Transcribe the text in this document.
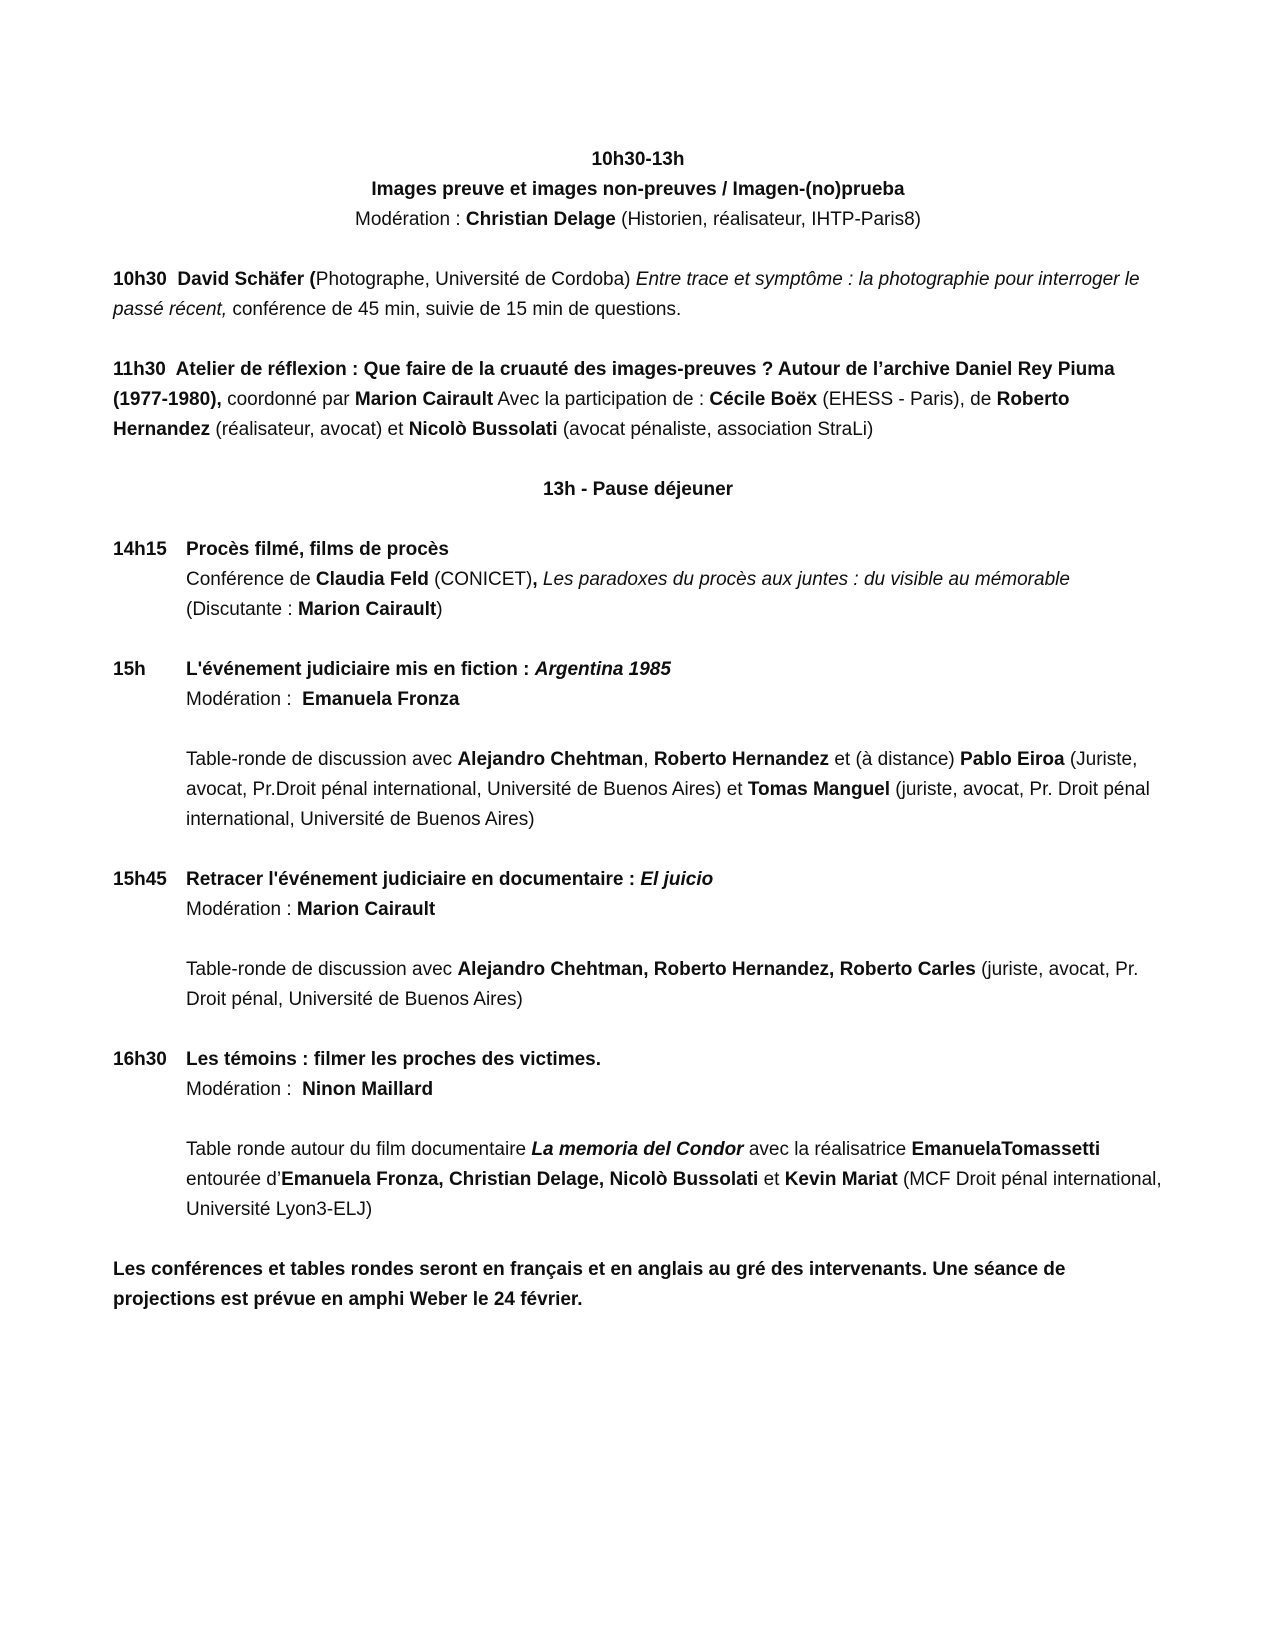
10h30-13h

Images preuve et images non-preuves / Imagen-(no)prueba

Modération : Christian Delage (Historien, réalisateur, IHTP-Paris8)

10h30  David Schäfer (Photographe, Université de Cordoba) Entre trace et symptôme : la photographie pour interroger le passé récent, conférence de 45 min, suivie de 15 min de questions.

11h30  Atelier de réflexion : Que faire de la cruauté des images-preuves ? Autour de l’archive Daniel Rey Piuma (1977-1980), coordonné par Marion Cairault Avec la participation de : Cécile Boëx (EHESS - Paris), de Roberto Hernandez (réalisateur, avocat) et Nicolò Bussolati (avocat pénaliste, association StraLi)

13h - Pause déjeuner

14h15	Procès filmé, films de procès

Conférence de Claudia Feld (CONICET), Les paradoxes du procès aux juntes : du visible au mémorable (Discutante : Marion Cairault)

15h	L'événement judiciaire mis en fiction : Argentina 1985

Modération :  Emanuela Fronza

Table-ronde de discussion avec Alejandro Chehtman, Roberto Hernandez et (à distance) Pablo Eiroa (Juriste, avocat, Pr.Droit pénal international, Université de Buenos Aires) et Tomas Manguel (juriste, avocat, Pr. Droit pénal international, Université de Buenos Aires)

15h45	Retracer l'événement judiciaire en documentaire : El juicio

Modération : Marion Cairault

Table-ronde de discussion avec Alejandro Chehtman, Roberto Hernandez, Roberto Carles (juriste, avocat, Pr. Droit pénal, Université de Buenos Aires)

16h30	Les témoins : filmer les proches des victimes.

Modération :  Ninon Maillard

Table ronde autour du film documentaire La memoria del Condor avec la réalisatrice EmanuelaTomassetti entourée d’Emanuela Fronza, Christian Delage, Nicolò Bussolati et Kevin Mariat (MCF Droit pénal international, Université Lyon3-ELJ)

Les conférences et tables rondes seront en français et en anglais au gré des intervenants. Une séance de projections est prévue en amphi Weber le 24 février.
